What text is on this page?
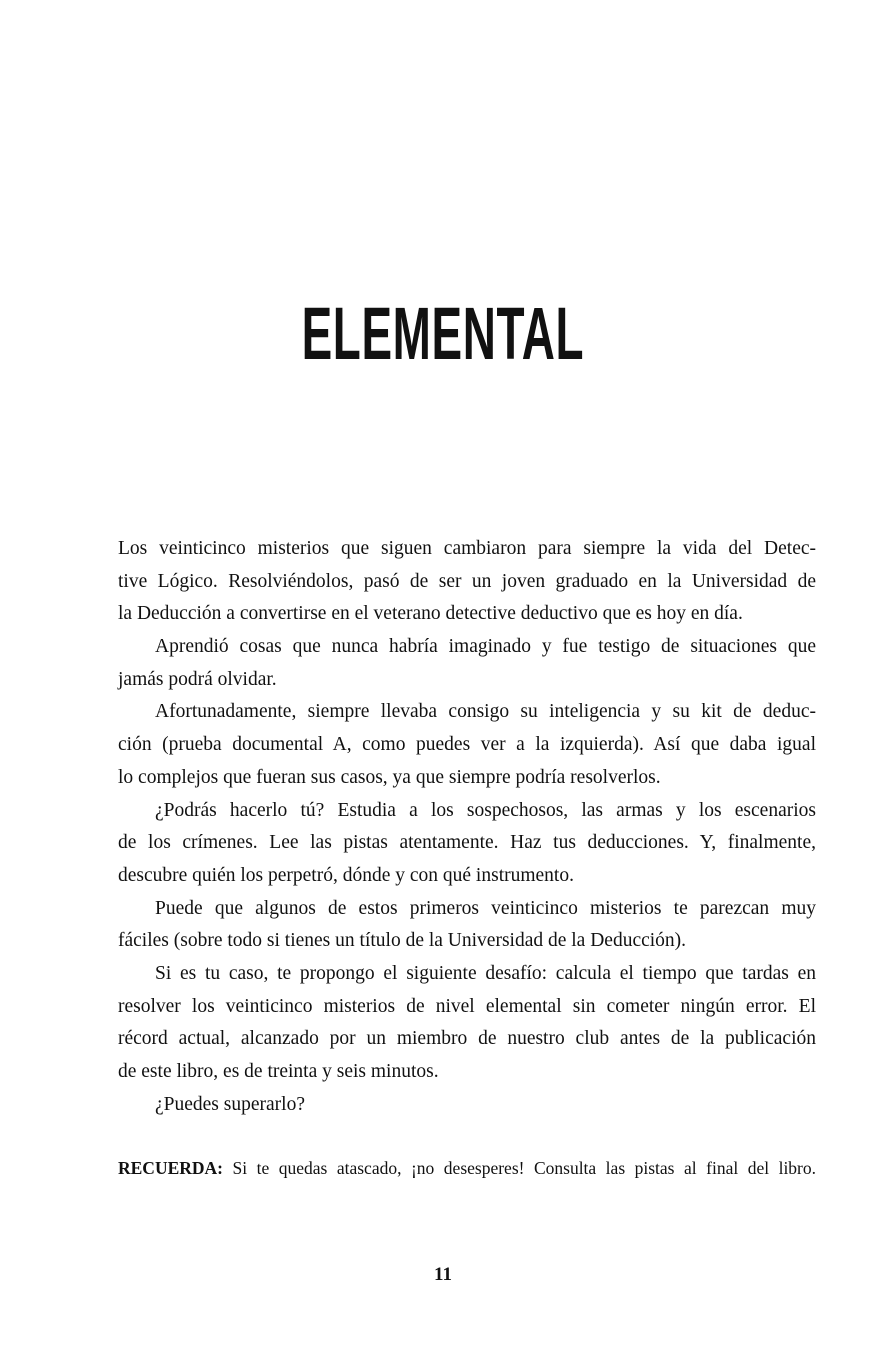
ELEMENTAL
Los veinticinco misterios que siguen cambiaron para siempre la vida del Detec-
tive Lógico. Resolviéndolos, pasó de ser un joven graduado en la Universidad de
la Deducción a convertirse en el veterano detective deductivo que es hoy en día.
Aprendió cosas que nunca habría imaginado y fue testigo de situaciones que
jamás podrá olvidar.
Afortunadamente, siempre llevaba consigo su inteligencia y su kit de deduc-
ción (prueba documental A, como puedes ver a la izquierda). Así que daba igual
lo complejos que fueran sus casos, ya que siempre podría resolverlos.
¿Podrás hacerlo tú? Estudia a los sospechosos, las armas y los escenarios
de los crímenes. Lee las pistas atentamente. Haz tus deducciones. Y, finalmente,
descubre quién los perpetró, dónde y con qué instrumento.
Puede que algunos de estos primeros veinticinco misterios te parezcan muy
fáciles (sobre todo si tienes un título de la Universidad de la Deducción).
Si es tu caso, te propongo el siguiente desafío: calcula el tiempo que tardas en
resolver los veinticinco misterios de nivel elemental sin cometer ningún error. El
récord actual, alcanzado por un miembro de nuestro club antes de la publicación
de este libro, es de treinta y seis minutos.
¿Puedes superarlo?
RECUERDA: Si te quedas atascado, ¡no desesperes! Consulta las pistas al final del libro.
11
